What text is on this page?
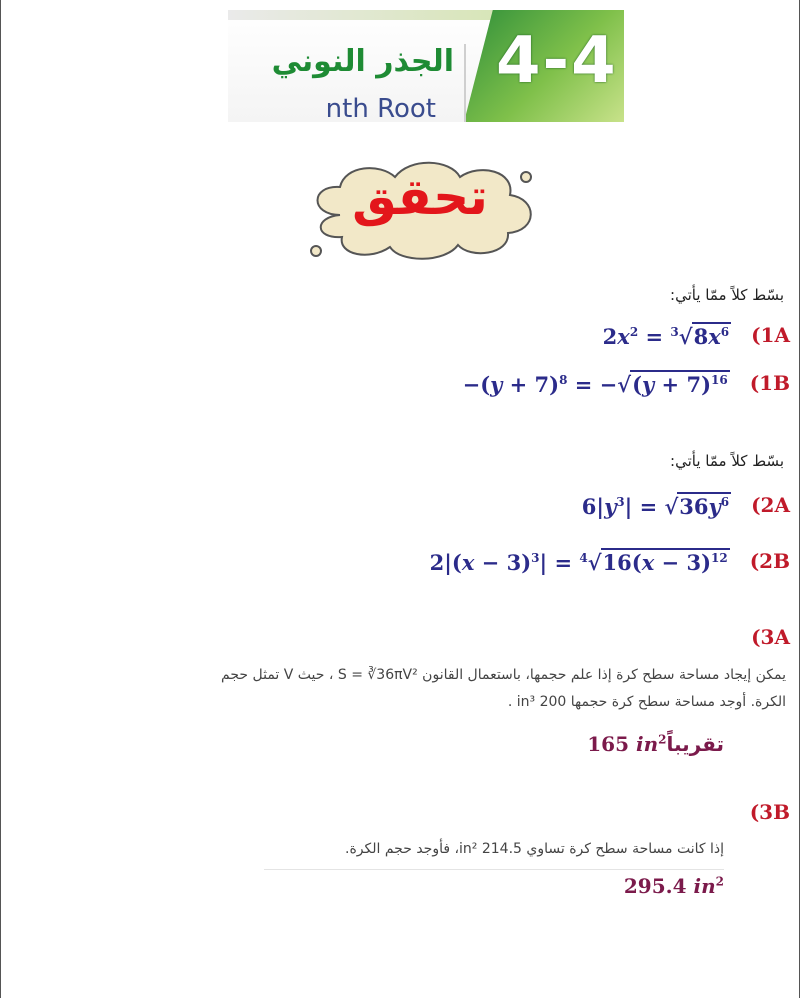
4-4
الجذر النوني
nth Root
تحقق
بسّط كلاً ممّا يأتي:
(1A
$2x^2 = ^3√8x^6$
(1B
$-(y + 7)^8 = -√(y + 7)^{16}$
بسّط كلاً ممّا يأتي:
(2A
$6|y^3| = √36y^6$
(2B
$2|(x - 3)^3| = ^4√16(x - 3)^{12}$
(3A
يمكن إيجاد مساحة سطح كرة إذا علم حجمها، باستعمال القانون S = ∛36πV² ، حيث V تمثل حجم
الكرة. أوجد مساحة سطح كرة حجمها 200 in³ .
165 $in^2تقريباً$
(3B
إذا كانت مساحة سطح كرة تساوي 214.5 in²، فأوجد حجم الكرة.
295.4 $in^2$
